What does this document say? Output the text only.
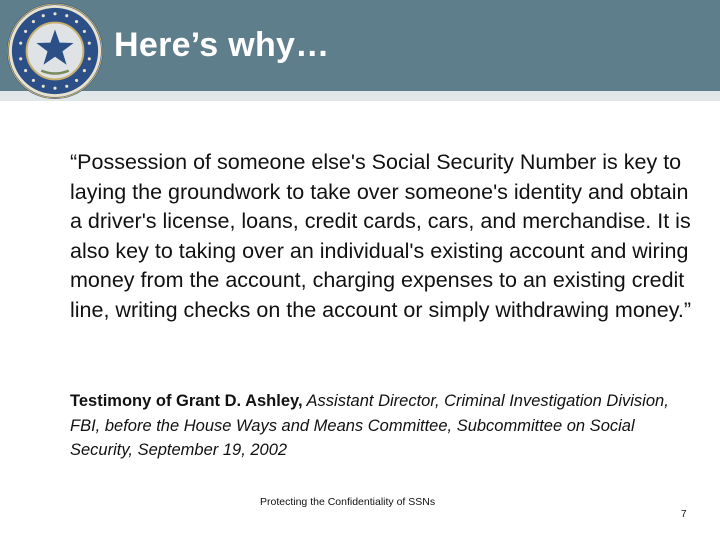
Here’s why…

“Possession of someone else's Social Security Number is key to laying the groundwork to take over someone's identity and obtain a driver's license, loans, credit cards, cars, and merchandise. It is also key to taking over an individual's existing account and wiring money from the account, charging expenses to an existing credit line, writing checks on the account or simply withdrawing money.”

Testimony of Grant D. Ashley, Assistant Director, Criminal Investigation Division, FBI, before the House Ways and Means Committee, Subcommittee on Social Security, September 19, 2002

Protecting the Confidentiality of SSNs
7
